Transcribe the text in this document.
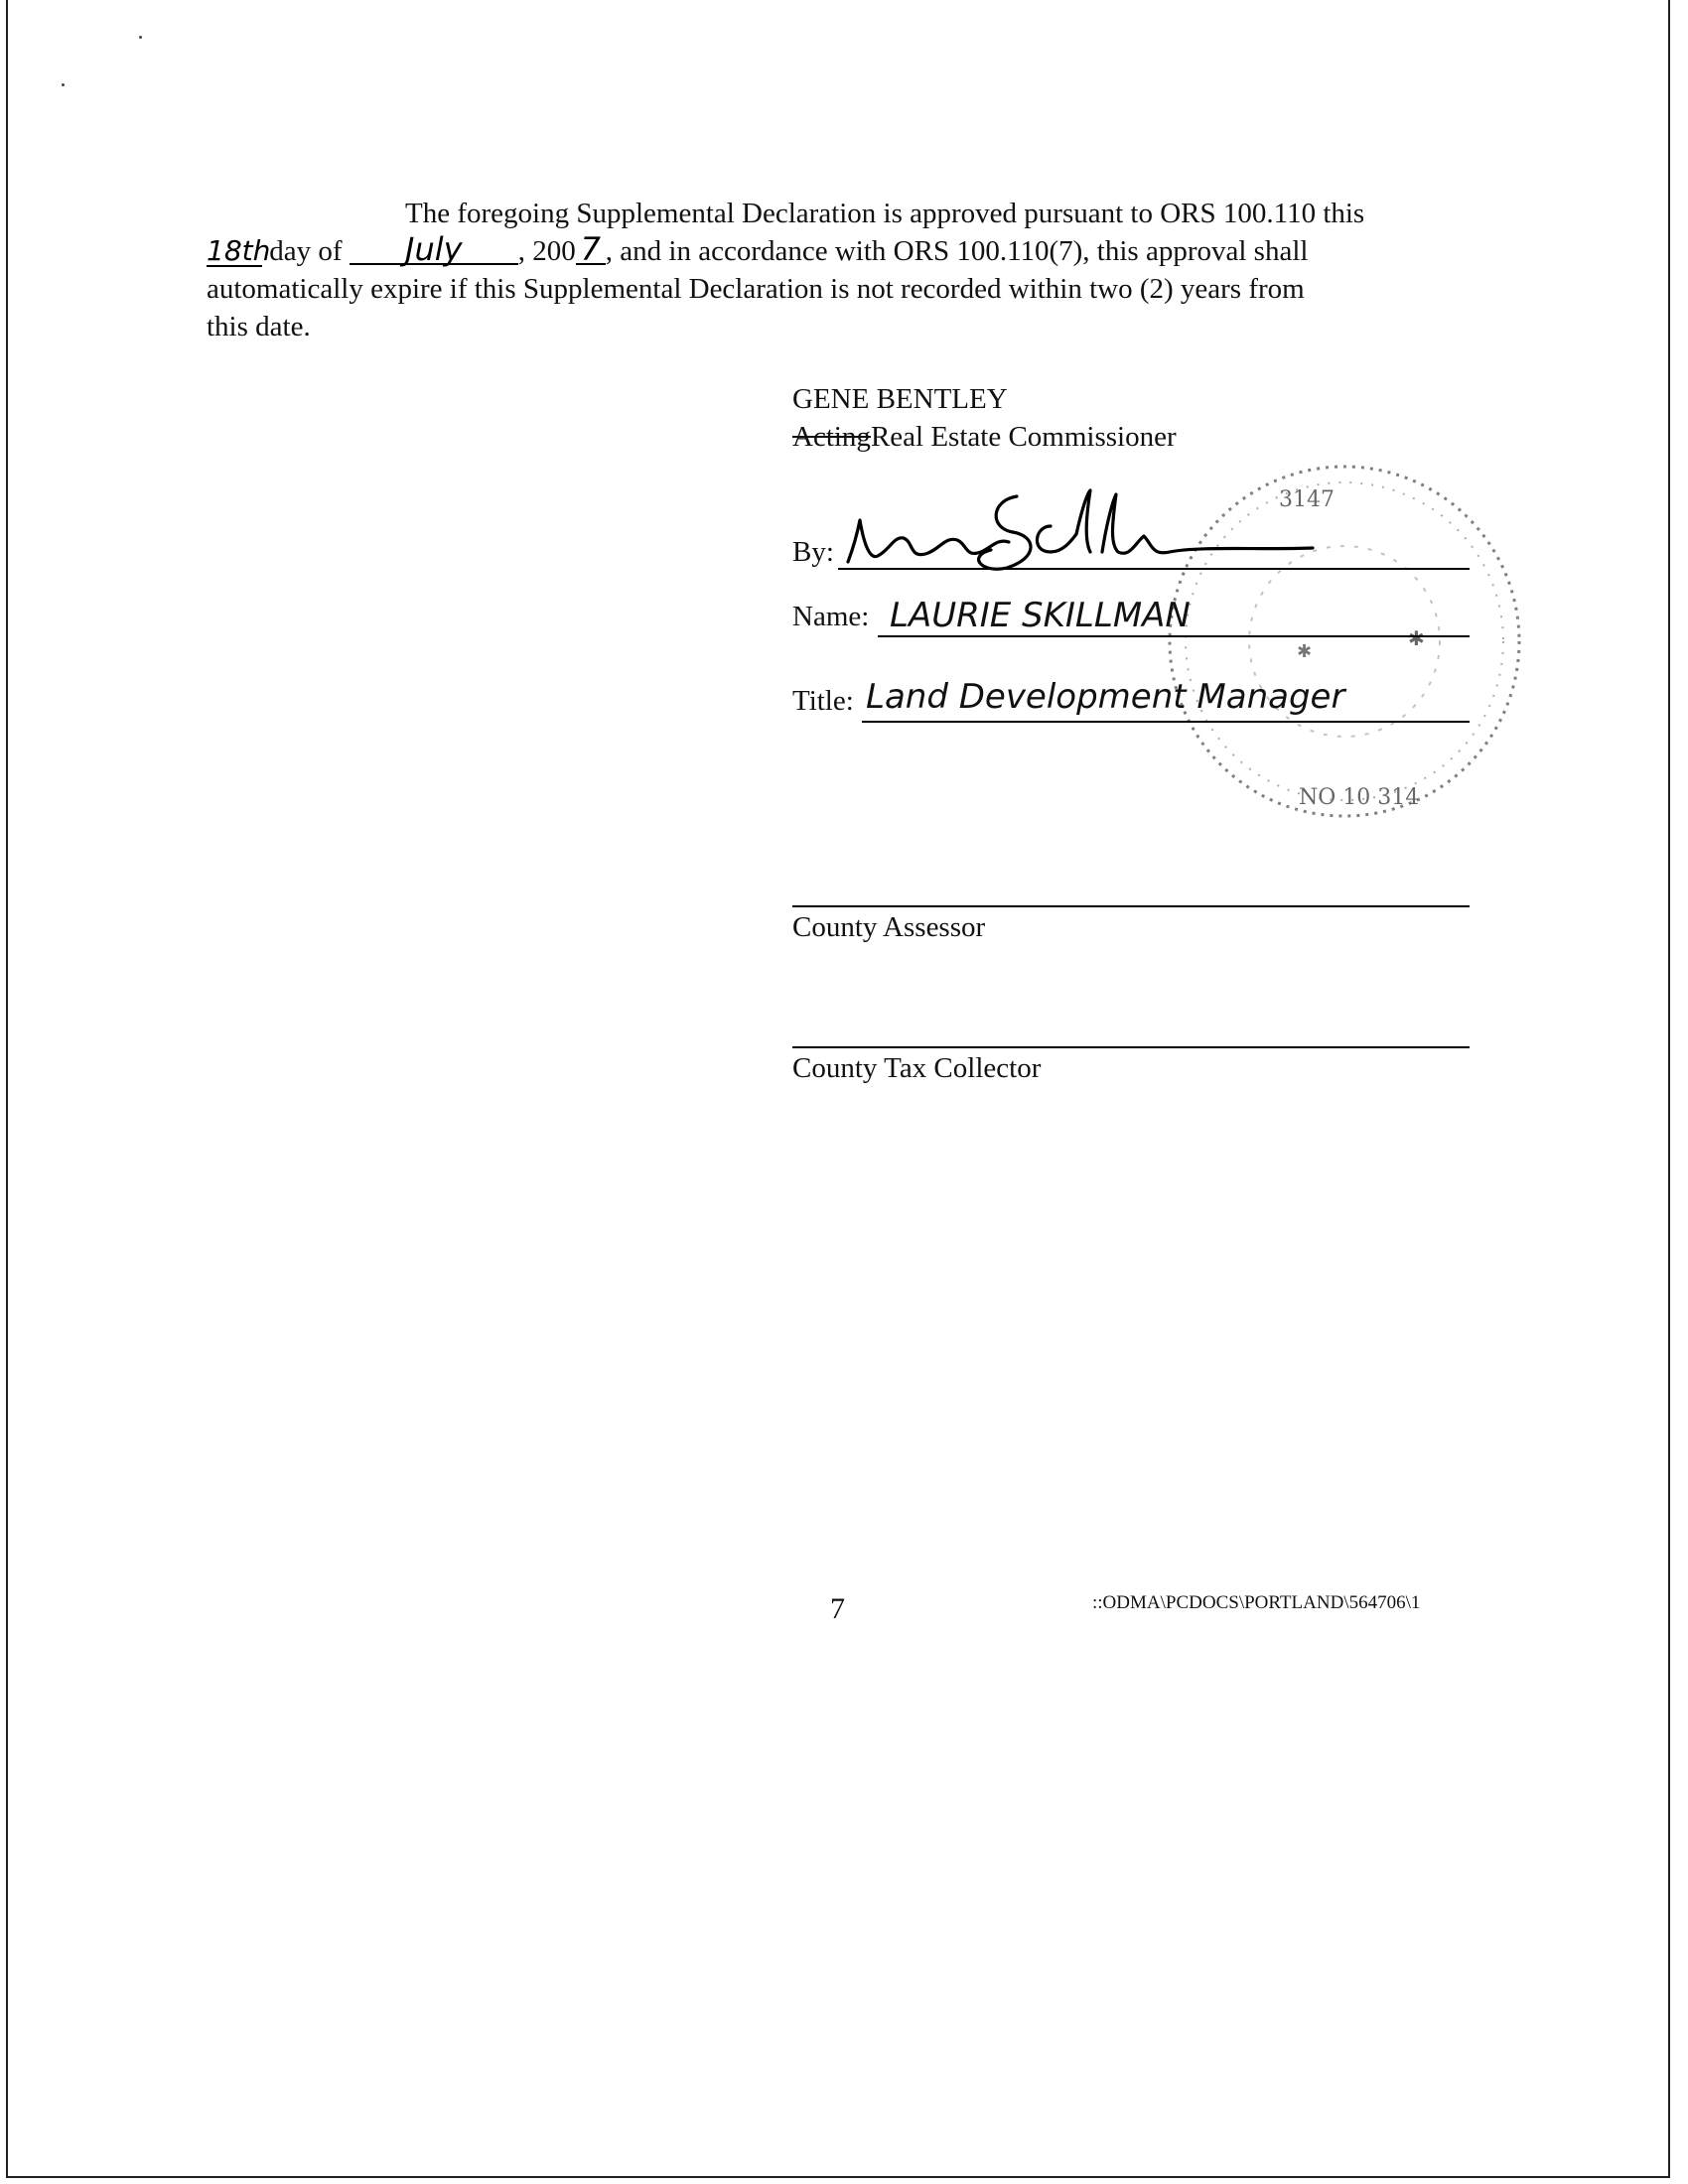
The foregoing Supplemental Declaration is approved pursuant to ORS 100.110 this
18th day of July , 200 7 , and in accordance with ORS 100.110(7), this approval shall
automatically expire if this Supplemental Declaration is not recorded within two (2) years from
this date.
GENE BENTLEY
ActingReal Estate Commissioner
3147
NO 10 314
✱
✱
By:
Name: LAURIE SKILLMAN
Title: Land Development Manager
County Assessor
County Tax Collector
7	::ODMA\PCDOCS\PORTLAND\564706\1
